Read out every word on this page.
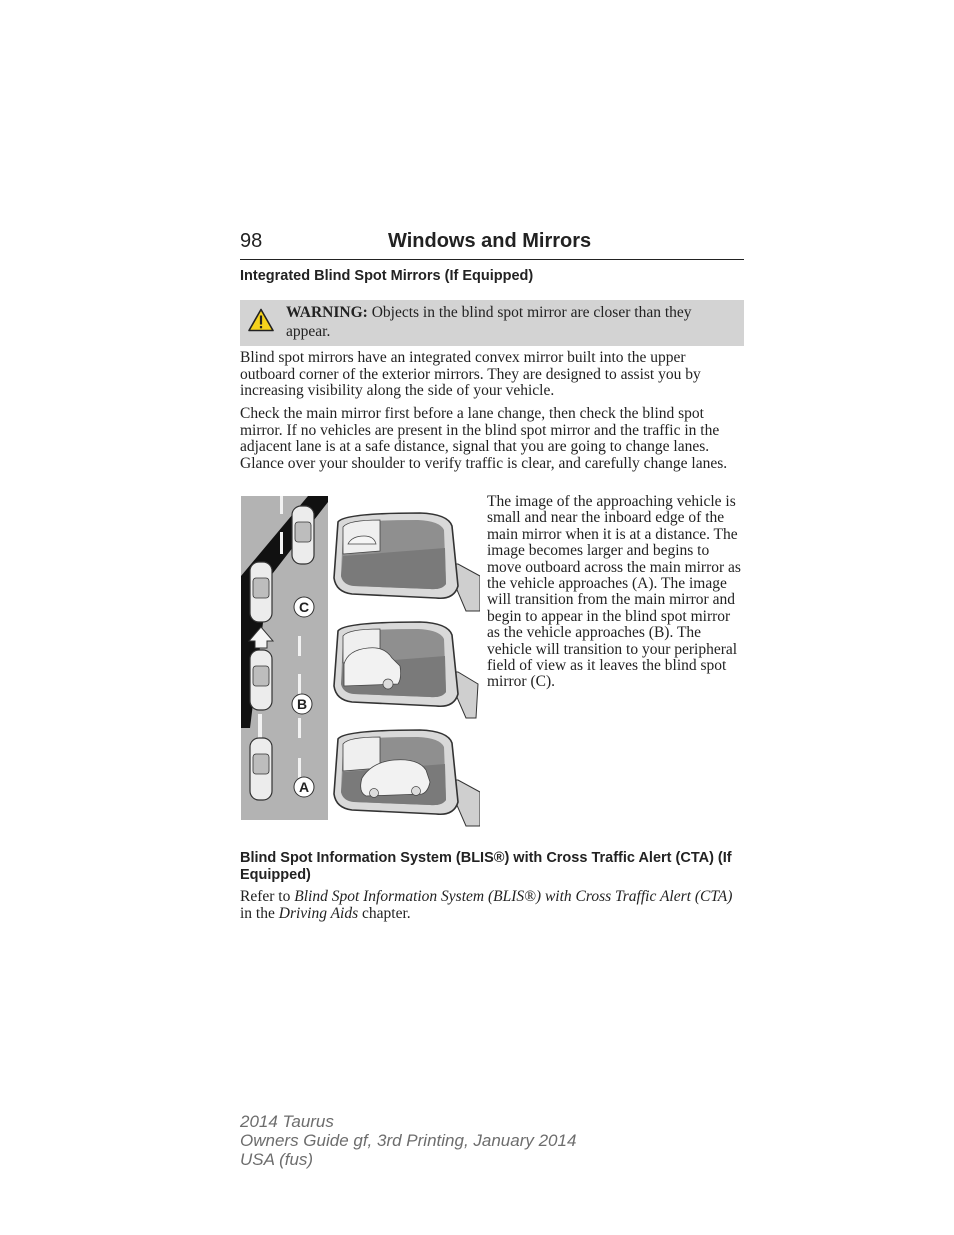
98	Windows and Mirrors
Integrated Blind Spot Mirrors (If Equipped)
WARNING: Objects in the blind spot mirror are closer than they appear.
Blind spot mirrors have an integrated convex mirror built into the upper outboard corner of the exterior mirrors. They are designed to assist you by increasing visibility along the side of your vehicle.
Check the main mirror first before a lane change, then check the blind spot mirror. If no vehicles are present in the blind spot mirror and the traffic in the adjacent lane is at a safe distance, signal that you are going to change lanes. Glance over your shoulder to verify traffic is clear, and carefully change lanes.
C
B
A
The image of the approaching vehicle is small and near the inboard edge of the main mirror when it is at a distance. The image becomes larger and begins to move outboard across the main mirror as the vehicle approaches (A). The image will transition from the main mirror and begin to appear in the blind spot mirror as the vehicle approaches (B). The vehicle will transition to your peripheral field of view as it leaves the blind spot mirror (C).
Blind Spot Information System (BLIS®) with Cross Traffic Alert (CTA) (If Equipped)
Refer to Blind Spot Information System (BLIS®) with Cross Traffic Alert (CTA) in the Driving Aids chapter.
2014 Taurus
Owners Guide gf, 3rd Printing, January 2014
USA (fus)
